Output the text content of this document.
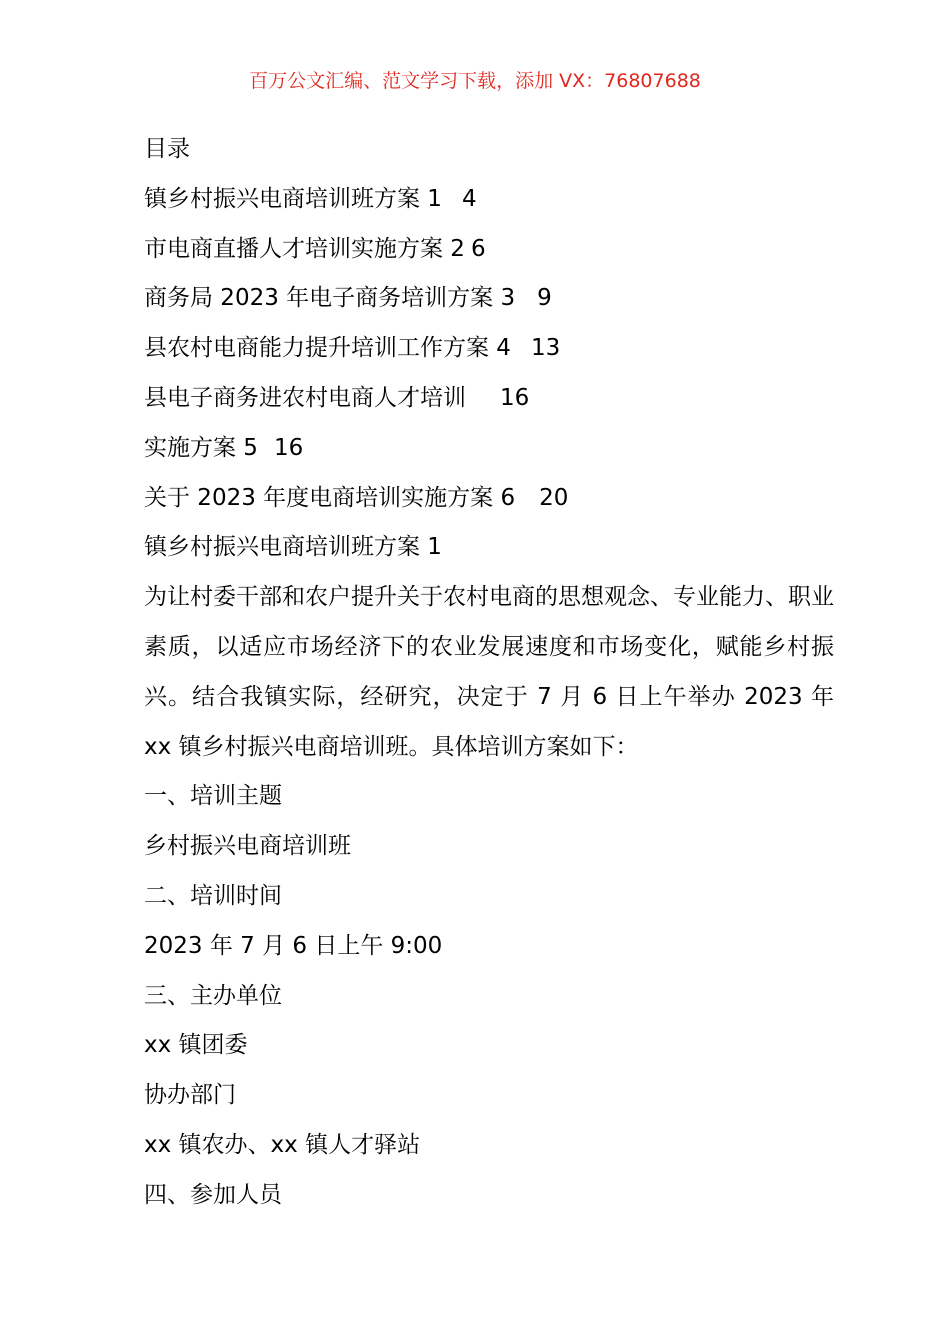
百万公文汇编、范文学习下载，添加 VX：76807688
目录
镇乡村振兴电商培训班方案 1 4
市电商直播人才培训实施方案 2 6
商务局 2023 年电子商务培训方案 3 9
县农村电商能力提升培训工作方案 4 13
县电子商务进农村电商人才培训 16
实施方案 5 16
关于 2023 年度电商培训实施方案 6 20
镇乡村振兴电商培训班方案 1
为让村委干部和农户提升关于农村电商的思想观念、专业能力、职业素质，以适应市场经济下的农业发展速度和市场变化，赋能乡村振兴。结合我镇实际，经研究，决定于 7 月 6 日上午举办 2023 年 xx 镇乡村振兴电商培训班。具体培训方案如下：
一、培训主题
乡村振兴电商培训班
二、培训时间
2023 年 7 月 6 日上午 9:00
三、主办单位
xx 镇团委
协办部门
xx 镇农办、xx 镇人才驿站
四、参加人员
